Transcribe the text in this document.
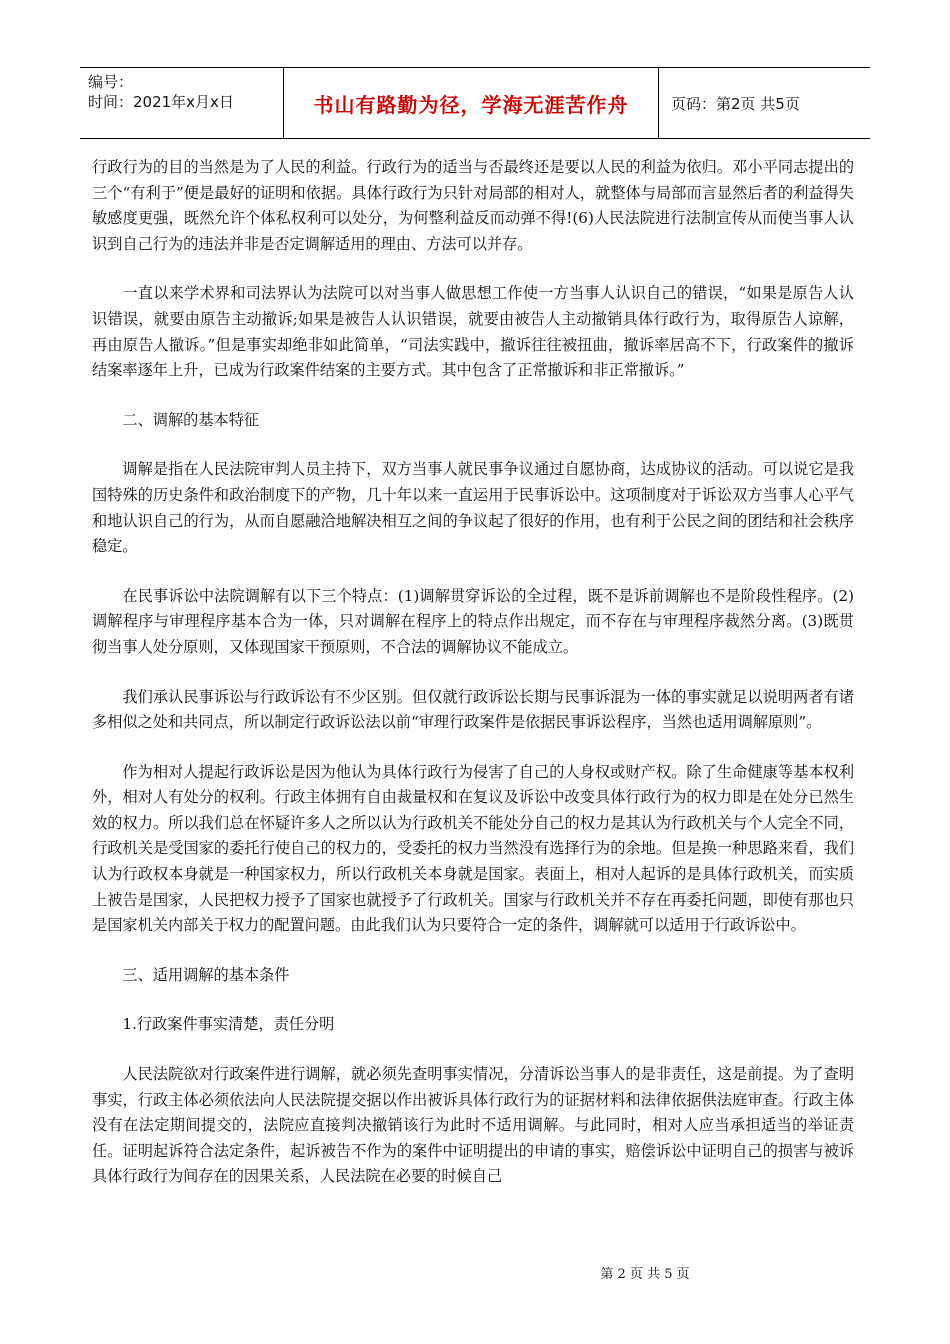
编号：
时间：2021年x月x日	书山有路勤为径，学海无涯苦作舟	页码：第2页 共5页

行政行为的目的当然是为了人民的利益。行政行为的适当与否最终还是要以人民的利益为依归。邓小平同志提出的三个“有利于”便是最好的证明和依据。具体行政行为只针对局部的相对人，就整体与局部而言显然后者的利益得失敏感度更强，既然允许个体私权利可以处分，为何整利益反而动弹不得!(6)人民法院进行法制宣传从而使当事人认识到自己行为的违法并非是否定调解适用的理由、方法可以并存。

一直以来学术界和司法界认为法院可以对当事人做思想工作使一方当事人认识自己的错误，“如果是原告人认识错误，就要由原告主动撤诉;如果是被告人认识错误，就要由被告人主动撤销具体行政行为，取得原告人谅解，再由原告人撤诉。”但是事实却绝非如此简单，“司法实践中，撤诉往往被扭曲，撤诉率居高不下，行政案件的撤诉结案率逐年上升，已成为行政案件结案的主要方式。其中包含了正常撤诉和非正常撤诉。”

二、调解的基本特征

调解是指在人民法院审判人员主持下，双方当事人就民事争议通过自愿协商，达成协议的活动。可以说它是我国特殊的历史条件和政治制度下的产物，几十年以来一直运用于民事诉讼中。这项制度对于诉讼双方当事人心平气和地认识自己的行为，从而自愿融洽地解决相互之间的争议起了很好的作用，也有利于公民之间的团结和社会秩序稳定。

在民事诉讼中法院调解有以下三个特点：(1)调解贯穿诉讼的全过程，既不是诉前调解也不是阶段性程序。(2)调解程序与审理程序基本合为一体，只对调解在程序上的特点作出规定，而不存在与审理程序裁然分离。(3)既贯彻当事人处分原则，又体现国家干预原则，不合法的调解协议不能成立。

我们承认民事诉讼与行政诉讼有不少区别。但仅就行政诉讼长期与民事诉混为一体的事实就足以说明两者有诸多相似之处和共同点，所以制定行政诉讼法以前“审理行政案件是依据民事诉讼程序，当然也适用调解原则”。

作为相对人提起行政诉讼是因为他认为具体行政行为侵害了自己的人身权或财产权。除了生命健康等基本权利外，相对人有处分的权利。行政主体拥有自由裁量权和在复议及诉讼中改变具体行政行为的权力即是在处分已然生效的权力。所以我们总在怀疑许多人之所以认为行政机关不能处分自己的权力是其认为行政机关与个人完全不同，行政机关是受国家的委托行使自己的权力的，受委托的权力当然没有选择行为的余地。但是换一种思路来看，我们认为行政权本身就是一种国家权力，所以行政机关本身就是国家。表面上，相对人起诉的是具体行政机关，而实质上被告是国家，人民把权力授予了国家也就授予了行政机关。国家与行政机关并不存在再委托问题，即使有那也只是国家机关内部关于权力的配置问题。由此我们认为只要符合一定的条件，调解就可以适用于行政诉讼中。

三、适用调解的基本条件

1.行政案件事实清楚，责任分明

人民法院欲对行政案件进行调解，就必须先查明事实情况，分清诉讼当事人的是非责任，这是前提。为了查明事实，行政主体必须依法向人民法院提交据以作出被诉具体行政行为的证据材料和法律依据供法庭审查。行政主体没有在法定期间提交的，法院应直接判决撤销该行为此时不适用调解。与此同时，相对人应当承担适当的举证责任。证明起诉符合法定条件，起诉被告不作为的案件中证明提出的申请的事实，赔偿诉讼中证明自己的损害与被诉具体行政行为间存在的因果关系，人民法院在必要的时候自己

第 2 页 共 5 页
